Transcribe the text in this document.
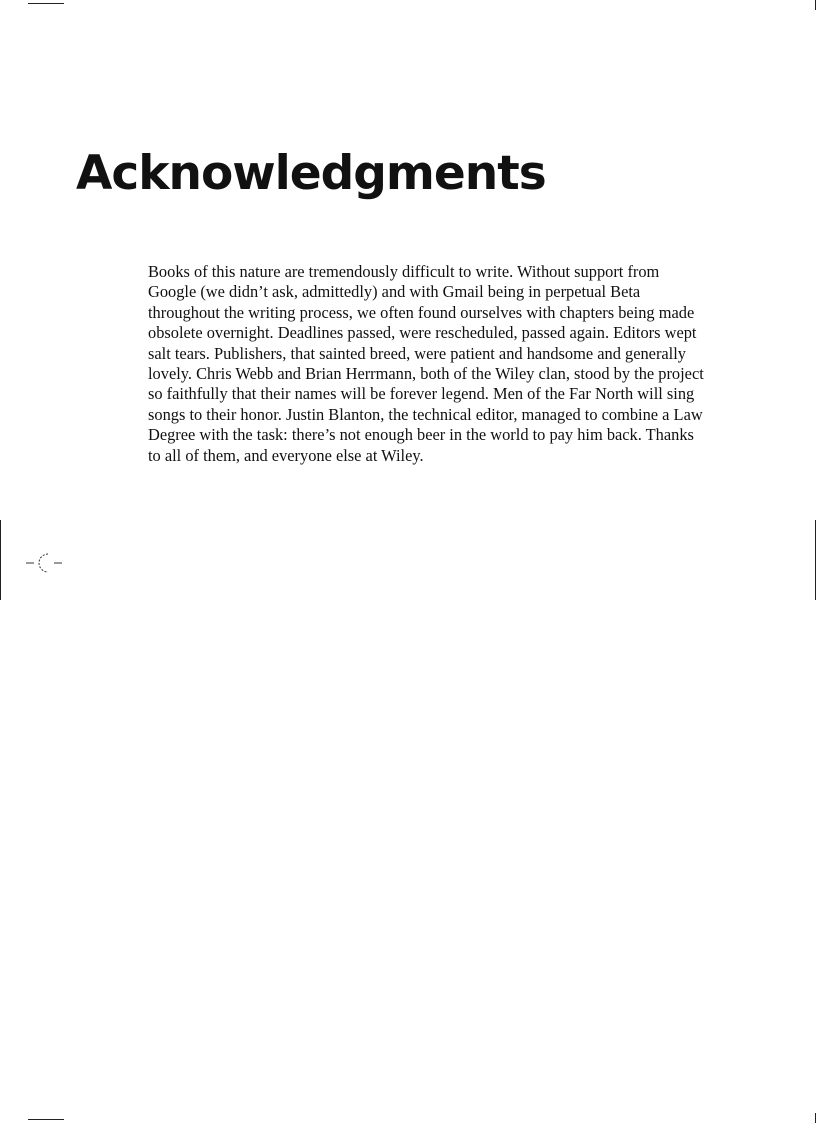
Acknowledgments

Books of this nature are tremendously difficult to write. Without support from Google (we didn’t ask, admittedly) and with Gmail being in perpetual Beta throughout the writing process, we often found ourselves with chapters being made obsolete overnight. Deadlines passed, were rescheduled, passed again. Editors wept salt tears. Publishers, that sainted breed, were patient and handsome and generally lovely. Chris Webb and Brian Herrmann, both of the Wiley clan, stood by the project so faithfully that their names will be forever legend. Men of the Far North will sing songs to their honor. Justin Blanton, the technical editor, managed to combine a Law Degree with the task: there’s not enough beer in the world to pay him back. Thanks to all of them, and everyone else at Wiley.
